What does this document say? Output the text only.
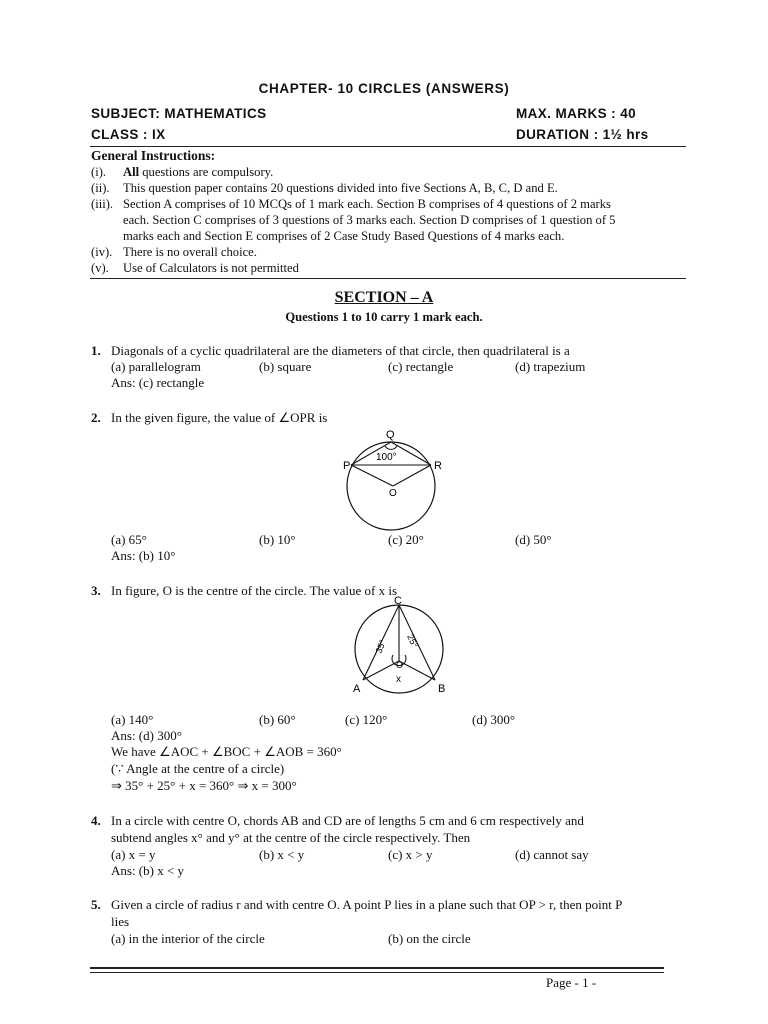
CHAPTER- 10 CIRCLES (ANSWERS)
SUBJECT: MATHEMATICS	MAX. MARKS : 40
CLASS : IX	DURATION : 1½ hrs
General Instructions:
(i). All questions are compulsory.
(ii). This question paper contains 20 questions divided into five Sections A, B, C, D and E.
(iii). Section A comprises of 10 MCQs of 1 mark each. Section B comprises of 4 questions of 2 marks
each. Section C comprises of 3 questions of 3 marks each. Section D comprises of 1 question of 5
marks each and Section E comprises of 2 Case Study Based Questions of 4 marks each.
(iv). There is no overall choice.
(v). Use of Calculators is not permitted
SECTION – A
Questions 1 to 10 carry 1 mark each.
1. Diagonals of a cyclic quadrilateral are the diameters of that circle, then quadrilateral is a
(a) parallelogram	(b) square	(c) rectangle	(d) trapezium
Ans: (c) rectangle
2. In the given figure, the value of ∠OPR is
Q
P	R
O
100°
(a) 65°	(b) 10°	(c) 20°	(d) 50°
Ans: (b) 10°
3. In figure, O is the centre of the circle. The value of x is
C
A	B
O
x
35° 25°
(a) 140°	(b) 60°	(c) 120°	(d) 300°
Ans: (d) 300°
We have ∠AOC + ∠BOC + ∠AOB = 360°
(∵ Angle at the centre of a circle)
⇒ 35° + 25° + x = 360° ⇒ x = 300°
4. In a circle with centre O, chords AB and CD are of lengths 5 cm and 6 cm respectively and
subtend angles x° and y° at the centre of the circle respectively. Then
(a) x = y	(b) x < y	(c) x > y	(d) cannot say
Ans: (b) x < y
5. Given a circle of radius r and with centre O. A point P lies in a plane such that OP > r, then point P
lies
(a) in the interior of the circle	(b) on the circle
Page - 1 -
